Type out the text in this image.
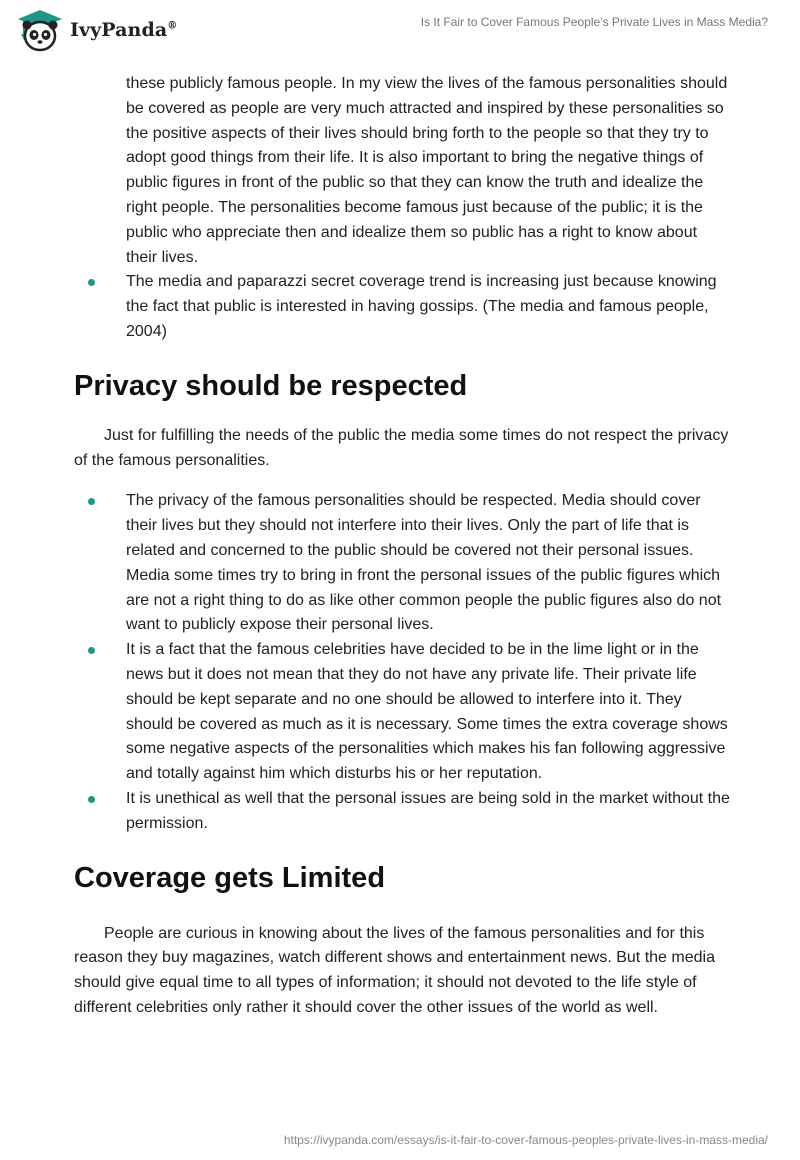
IvyPanda®	Is It Fair to Cover Famous People’s Private Lives in Mass Media?
these publicly famous people. In my view the lives of the famous personalities should be covered as people are very much attracted and inspired by these personalities so the positive aspects of their lives should bring forth to the people so that they try to adopt good things from their life. It is also important to bring the negative things of public figures in front of the public so that they can know the truth and idealize the right people. The personalities become famous just because of the public; it is the public who appreciate then and idealize them so public has a right to know about their lives.
The media and paparazzi secret coverage trend is increasing just because knowing the fact that public is interested in having gossips. (The media and famous people, 2004)
Privacy should be respected

Just for fulfilling the needs of the public the media some times do not respect the privacy of the famous personalities.

The privacy of the famous personalities should be respected. Media should cover their lives but they should not interfere into their lives. Only the part of life that is related and concerned to the public should be covered not their personal issues. Media some times try to bring in front the personal issues of the public figures which are not a right thing to do as like other common people the public figures also do not want to publicly expose their personal lives.
It is a fact that the famous celebrities have decided to be in the lime light or in the news but it does not mean that they do not have any private life. Their private life should be kept separate and no one should be allowed to interfere into it. They should be covered as much as it is necessary. Some times the extra coverage shows some negative aspects of the personalities which makes his fan following aggressive and totally against him which disturbs his or her reputation.
It is unethical as well that the personal issues are being sold in the market without the permission.
Coverage gets Limited

People are curious in knowing about the lives of the famous personalities and for this reason they buy magazines, watch different shows and entertainment news. But the media should give equal time to all types of information; it should not devoted to the life style of different celebrities only rather it should cover the other issues of the world as well.

https://ivypanda.com/essays/is-it-fair-to-cover-famous-peoples-private-lives-in-mass-media/
